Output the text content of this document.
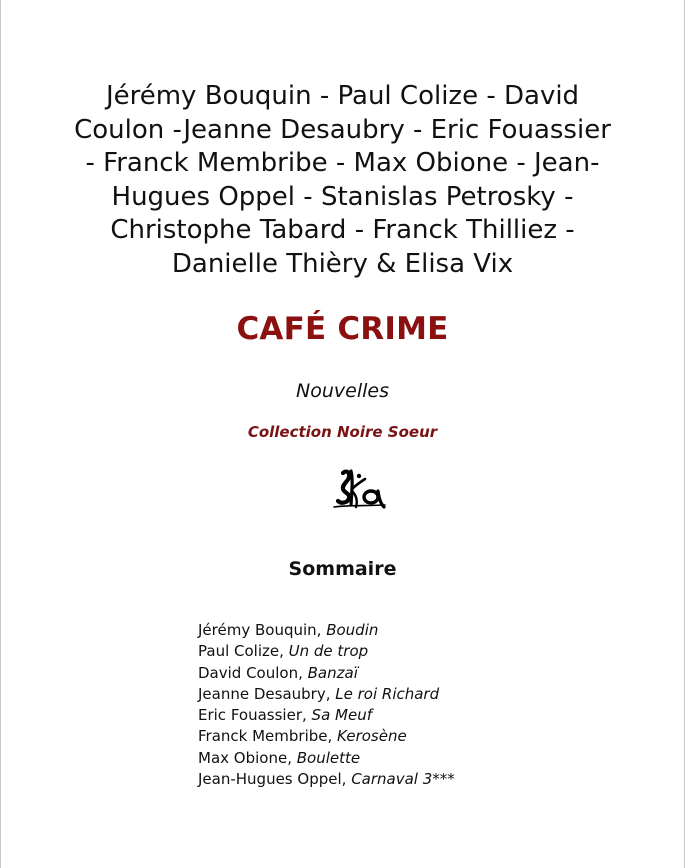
Jérémy Bouquin - Paul Colize - David
Coulon -Jeanne Desaubry - Eric Fouassier
- Franck Membribe - Max Obione - Jean-
Hugues Oppel - Stanislas Petrosky -
Christophe Tabard - Franck Thilliez -
Danielle Thièry & Elisa Vix
CAFÉ CRIME
Nouvelles
Collection Noire Soeur
Sommaire
Jérémy Bouquin, Boudin
Paul Colize, Un de trop
David Coulon, Banzaï
Jeanne Desaubry, Le roi Richard
Eric Fouassier, Sa Meuf
Franck Membribe, Kerosène
Max Obione, Boulette
Jean-Hugues Oppel, Carnaval 3***
